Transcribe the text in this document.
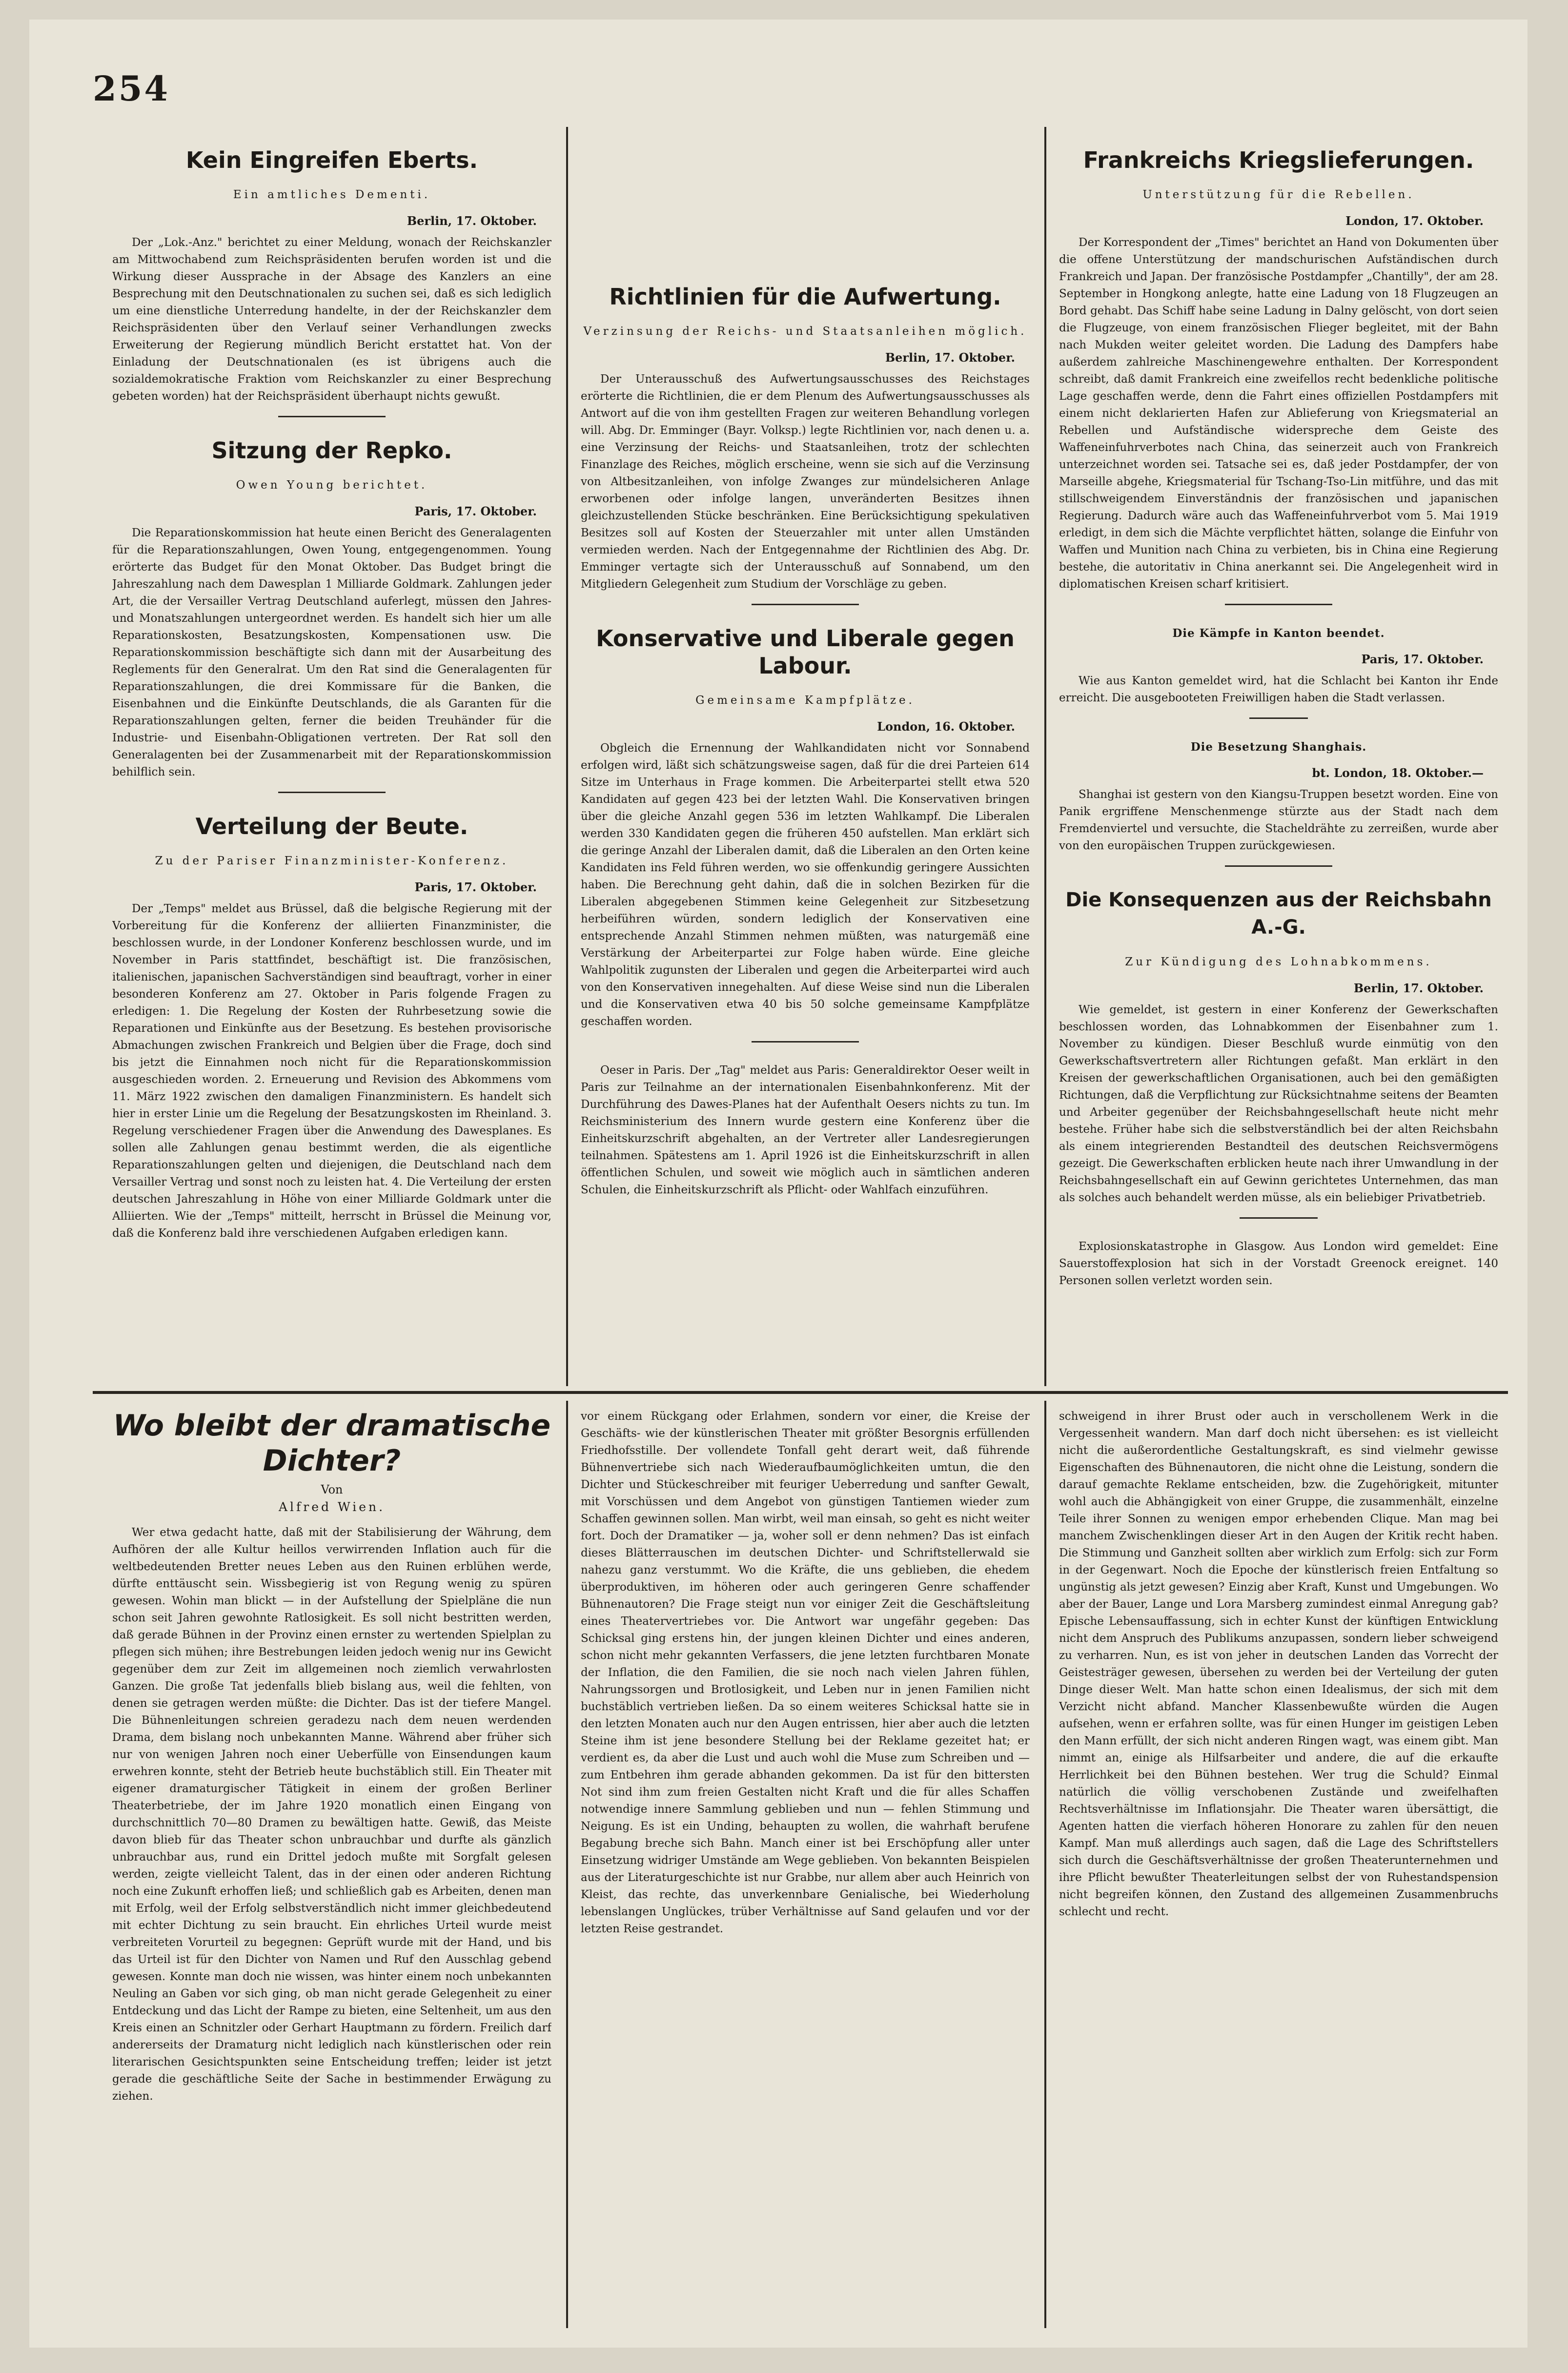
254
Kein Eingreifen Eberts.
Ein amtliches Dementi.
Berlin, 17. Oktober.

Der „Lok.-Anz." berichtet zu einer Meldung, wonach der Reichskanzler am Mittwochabend zum Reichspräsidenten berufen worden ist und die Wirkung dieser Aussprache in der Absage des Kanzlers an eine Besprechung mit den Deutschnationalen zu suchen sei, daß es sich lediglich um eine dienstliche Unterredung handelte, in der der Reichskanzler dem Reichspräsidenten über den Verlauf seiner Verhandlungen zwecks Erweiterung der Regierung mündlich Bericht erstattet hat. Von der Einladung der Deutschnationalen (es ist übrigens auch die sozialdemokratische Fraktion vom Reichskanzler zu einer Besprechung gebeten worden) hat der Reichspräsident überhaupt nichts gewußt.

Sitzung der Repko.
Owen Young berichtet.
Paris, 17. Oktober.

Die Reparationskommission hat heute einen Bericht des Generalagenten für die Reparationszahlungen, Owen Young, entgegengenommen. Young erörterte das Budget für den Monat Oktober. Das Budget bringt die Jahreszahlung nach dem Dawesplan 1 Milliarde Goldmark. Zahlungen jeder Art, die der Versailler Vertrag Deutschland auferlegt, müssen den Jahres- und Monatszahlungen untergeordnet werden. Es handelt sich hier um alle Reparationskosten, Besatzungskosten, Kompensationen usw. Die Reparationskommission beschäftigte sich dann mit der Ausarbeitung des Reglements für den Generalrat. Um den Rat sind die Generalagenten für Reparationszahlungen, die drei Kommissare für die Banken, die Eisenbahnen und die Einkünfte Deutschlands, die als Garanten für die Reparationszahlungen gelten, ferner die beiden Treuhänder für die Industrie- und Eisenbahn-Obligationen vertreten. Der Rat soll den Generalagenten bei der Zusammenarbeit mit der Reparationskommission behilflich sein.

Verteilung der Beute.
Zu der Pariser Finanzminister-Konferenz.
Paris, 17. Oktober.

Der „Temps" meldet aus Brüssel, daß die belgische Regierung mit der Vorbereitung für die Konferenz der alliierten Finanzminister, die beschlossen wurde, in der Londoner Konferenz beschlossen wurde, und im November in Paris stattfindet, beschäftigt ist. Die französischen, italienischen, japanischen Sachverständigen sind beauftragt, vorher in einer besonderen Konferenz am 27. Oktober in Paris folgende Fragen zu erledigen: 1. Die Regelung der Kosten der Ruhrbesetzung sowie die Reparationen und Einkünfte aus der Besetzung. Es bestehen provisorische Abmachungen zwischen Frankreich und Belgien über die Frage, doch sind bis jetzt die Einnahmen noch nicht für die Reparationskommission ausgeschieden worden. 2. Erneuerung und Revision des Abkommens vom 11. März 1922 zwischen den damaligen Finanzministern. Es handelt sich hier in erster Linie um die Regelung der Besatzungskosten im Rheinland. 3. Regelung verschiedener Fragen über die Anwendung des Dawesplanes. Es sollen alle Zahlungen genau bestimmt werden, die als eigentliche Reparationszahlungen gelten und diejenigen, die Deutschland nach dem Versailler Vertrag und sonst noch zu leisten hat. 4. Die Verteilung der ersten deutschen Jahreszahlung in Höhe von einer Milliarde Goldmark unter die Alliierten. Wie der „Temps" mitteilt, herrscht in Brüssel die Meinung vor, daß die Konferenz bald ihre verschiedenen Aufgaben erledigen kann.

Richtlinien für die Aufwertung.
Verzinsung der Reichs- und Staatsanleihen möglich.
Berlin, 17. Oktober.

Der Unterausschuß des Aufwertungsausschusses des Reichstages erörterte die Richtlinien, die er dem Plenum des Aufwertungsausschusses als Antwort auf die von ihm gestellten Fragen zur weiteren Behandlung vorlegen will. Abg. Dr. Emminger (Bayr. Volksp.) legte Richtlinien vor, nach denen u. a. eine Verzinsung der Reichs- und Staatsanleihen, trotz der schlechten Finanzlage des Reiches, möglich erscheine, wenn sie sich auf die Verzinsung von Altbesitzanleihen, von infolge Zwanges zur mündelsicheren Anlage erworbenen oder infolge langen, unveränderten Besitzes ihnen gleichzustellenden Stücke beschränken. Eine Berücksichtigung spekulativen Besitzes soll auf Kosten der Steuerzahler mit unter allen Umständen vermieden werden. Nach der Entgegennahme der Richtlinien des Abg. Dr. Emminger vertagte sich der Unterausschuß auf Sonnabend, um den Mitgliedern Gelegenheit zum Studium der Vorschläge zu geben.

Konservative und Liberale gegen Labour.
Gemeinsame Kampfplätze.
London, 16. Oktober.

Obgleich die Ernennung der Wahlkandidaten nicht vor Sonnabend erfolgen wird, läßt sich schätzungsweise sagen, daß für die drei Parteien 614 Sitze im Unterhaus in Frage kommen. Die Arbeiterpartei stellt etwa 520 Kandidaten auf gegen 423 bei der letzten Wahl. Die Konservativen bringen über die gleiche Anzahl gegen 536 im letzten Wahlkampf. Die Liberalen werden 330 Kandidaten gegen die früheren 450 aufstellen. Man erklärt sich die geringe Anzahl der Liberalen damit, daß die Liberalen an den Orten keine Kandidaten ins Feld führen werden, wo sie offenkundig geringere Aussichten haben. Die Berechnung geht dahin, daß die in solchen Bezirken für die Liberalen abgegebenen Stimmen keine Gelegenheit zur Sitzbesetzung herbeiführen würden, sondern lediglich der Konservativen eine entsprechende Anzahl Stimmen nehmen müßten, was naturgemäß eine Verstärkung der Arbeiterpartei zur Folge haben würde. Eine gleiche Wahlpolitik zugunsten der Liberalen und gegen die Arbeiterpartei wird auch von den Konservativen innegehalten. Auf diese Weise sind nun die Liberalen und die Konservativen etwa 40 bis 50 solche gemeinsame Kampfplätze geschaffen worden.

Oeser in Paris. Der „Tag" meldet aus Paris: Generaldirektor Oeser weilt in Paris zur Teilnahme an der internationalen Eisenbahnkonferenz. Mit der Durchführung des Dawes-Planes hat der Aufenthalt Oesers nichts zu tun. Im Reichsministerium des Innern wurde gestern eine Konferenz über die Einheitskurzschrift abgehalten, an der Vertreter aller Landesregierungen teilnahmen. Spätestens am 1. April 1926 ist die Einheitskurzschrift in allen öffentlichen Schulen, und soweit wie möglich auch in sämtlichen anderen Schulen, die Einheitskurzschrift als Pflicht- oder Wahlfach einzuführen.

Frankreichs Kriegslieferungen.
Unterstützung für die Rebellen.
London, 17. Oktober.

Der Korrespondent der „Times" berichtet an Hand von Dokumenten über die offene Unterstützung der mandschurischen Aufständischen durch Frankreich und Japan. Der französische Postdampfer „Chantilly", der am 28. September in Hongkong anlegte, hatte eine Ladung von 18 Flugzeugen an Bord gehabt. Das Schiff habe seine Ladung in Dalny gelöscht, von dort seien die Flugzeuge, von einem französischen Flieger begleitet, mit der Bahn nach Mukden weiter geleitet worden. Die Ladung des Dampfers habe außerdem zahlreiche Maschinengewehre enthalten. Der Korrespondent schreibt, daß damit Frankreich eine zweifellos recht bedenkliche politische Lage geschaffen werde, denn die Fahrt eines offiziellen Postdampfers mit einem nicht deklarierten Hafen zur Ablieferung von Kriegsmaterial an Rebellen und Aufständische widerspreche dem Geiste des Waffeneinfuhrverbotes nach China, das seinerzeit auch von Frankreich unterzeichnet worden sei. Tatsache sei es, daß jeder Postdampfer, der von Marseille abgehe, Kriegsmaterial für Tschang-Tso-Lin mitführe, und das mit stillschweigendem Einverständnis der französischen und japanischen Regierung. Dadurch wäre auch das Waffeneinfuhrverbot vom 5. Mai 1919 erledigt, in dem sich die Mächte verpflichtet hätten, solange die Einfuhr von Waffen und Munition nach China zu verbieten, bis in China eine Regierung bestehe, die autoritativ in China anerkannt sei. Die Angelegenheit wird in diplomatischen Kreisen scharf kritisiert.

Die Kämpfe in Kanton beendet.
Paris, 17. Oktober.

Wie aus Kanton gemeldet wird, hat die Schlacht bei Kanton ihr Ende erreicht. Die ausgebooteten Freiwilligen haben die Stadt verlassen.

Die Besetzung Shanghais.
bt. London, 18. Oktober.—

Shanghai ist gestern von den Kiangsu-Truppen besetzt worden. Eine von Panik ergriffene Menschenmenge stürzte aus der Stadt nach dem Fremdenviertel und versuchte, die Stacheldrähte zu zerreißen, wurde aber von den europäischen Truppen zurückgewiesen.

Die Konsequenzen aus der Reichsbahn A.-G.
Zur Kündigung des Lohnabkommens.
Berlin, 17. Oktober.

Wie gemeldet, ist gestern in einer Konferenz der Gewerkschaften beschlossen worden, das Lohnabkommen der Eisenbahner zum 1. November zu kündigen. Dieser Beschluß wurde einmütig von den Gewerkschaftsvertretern aller Richtungen gefaßt. Man erklärt in den Kreisen der gewerkschaftlichen Organisationen, auch bei den gemäßigten Richtungen, daß die Verpflichtung zur Rücksichtnahme seitens der Beamten und Arbeiter gegenüber der Reichsbahngesellschaft heute nicht mehr bestehe. Früher habe sich die selbstverständlich bei der alten Reichsbahn als einem integrierenden Bestandteil des deutschen Reichsvermögens gezeigt. Die Gewerkschaften erblicken heute nach ihrer Umwandlung in der Reichsbahngesellschaft ein auf Gewinn gerichtetes Unternehmen, das man als solches auch behandelt werden müsse, als ein beliebiger Privatbetrieb.

Explosionskatastrophe in Glasgow. Aus London wird gemeldet: Eine Sauerstoffexplosion hat sich in der Vorstadt Greenock ereignet. 140 Personen sollen verletzt worden sein.

Wo bleibt der dramatische Dichter?
Von
Alfred Wien.

Wer etwa gedacht hatte, daß mit der Stabilisierung der Währung, dem Aufhören der alle Kultur heillos verwirrenden Inflation auch für die weltbedeutenden Bretter neues Leben aus den Ruinen erblühen werde, dürfte enttäuscht sein. Wissbegierig ist von Regung wenig zu spüren gewesen. Wohin man blickt — in der Aufstellung der Spielpläne die nun schon seit Jahren gewohnte Ratlosigkeit. Es soll nicht bestritten werden, daß gerade Bühnen in der Provinz einen ernster zu wertenden Spielplan zu pflegen sich mühen; ihre Bestrebungen leiden jedoch wenig nur ins Gewicht gegenüber dem zur Zeit im allgemeinen noch ziemlich verwahrlosten Ganzen. Die große Tat jedenfalls blieb bislang aus, weil die fehlten, von denen sie getragen werden müßte: die Dichter. Das ist der tiefere Mangel. Die Bühnenleitungen schreien geradezu nach dem neuen werdenden Drama, dem bislang noch unbekannten Manne. Während aber früher sich nur von wenigen Jahren noch einer Ueberfülle von Einsendungen kaum erwehren konnte, steht der Betrieb heute buchstäblich still. Ein Theater mit eigener dramaturgischer Tätigkeit in einem der großen Berliner Theaterbetriebe, der im Jahre 1920 monatlich einen Eingang von durchschnittlich 70—80 Dramen zu bewältigen hatte. Gewiß, das Meiste davon blieb für das Theater schon unbrauchbar und durfte als gänzlich unbrauchbar aus, rund ein Drittel jedoch mußte mit Sorgfalt gelesen werden, zeigte vielleicht Talent, das in der einen oder anderen Richtung noch eine Zukunft erhoffen ließ; und schließlich gab es Arbeiten, denen man mit Erfolg, weil der Erfolg selbstverständlich nicht immer gleichbedeutend mit echter Dichtung zu sein braucht. Ein ehrliches Urteil wurde meist verbreiteten Vorurteil zu begegnen: Geprüft wurde mit der Hand, und bis das Urteil ist für den Dichter von Namen und Ruf den Ausschlag gebend gewesen. Konnte man doch nie wissen, was hinter einem noch unbekannten Neuling an Gaben vor sich ging, ob man nicht gerade Gelegenheit zu einer Entdeckung und das Licht der Rampe zu bieten, eine Seltenheit, um aus den Kreis einen an Schnitzler oder Gerhart Hauptmann zu fördern. Freilich darf andererseits der Dramaturg nicht lediglich nach künstlerischen oder rein literarischen Gesichtspunkten seine Entscheidung treffen; leider ist jetzt gerade die geschäftliche Seite der Sache in bestimmender Erwägung zu ziehen.

vor einem Rückgang oder Erlahmen, sondern vor einer, die Kreise der Geschäfts- wie der künstlerischen Theater mit größter Besorgnis erfüllenden Friedhofsstille. Der vollendete Tonfall geht derart weit, daß führende Bühnenvertriebe sich nach Wiederaufbaumöglichkeiten umtun, die den Dichter und Stückeschreiber mit feuriger Ueberredung und sanfter Gewalt, mit Vorschüssen und dem Angebot von günstigen Tantiemen wieder zum Schaffen gewinnen sollen. Man wirbt, weil man einsah, so geht es nicht weiter fort. Doch der Dramatiker — ja, woher soll er denn nehmen? Das ist einfach dieses Blätterrauschen im deutschen Dichter- und Schriftstellerwald sie nahezu ganz verstummt. Wo die Kräfte, die uns geblieben, die ehedem überproduktiven, im höheren oder auch geringeren Genre schaffender Bühnenautoren? Die Frage steigt nun vor einiger Zeit die Geschäftsleitung eines Theatervertriebes vor. Die Antwort war ungefähr gegeben: Das Schicksal ging erstens hin, der jungen kleinen Dichter und eines anderen, schon nicht mehr gekannten Verfassers, die jene letzten furchtbaren Monate der Inflation, die den Familien, die sie noch nach vielen Jahren fühlen, Nahrungssorgen und Brotlosigkeit, und Leben nur in jenen Familien nicht buchstäblich vertrieben ließen. Da so einem weiteres Schicksal hatte sie in den letzten Monaten auch nur den Augen entrissen, hier aber auch die letzten Steine ihm ist jene besondere Stellung bei der Reklame gezeitet hat; er verdient es, da aber die Lust und auch wohl die Muse zum Schreiben und — zum Entbehren ihm gerade abhanden gekommen. Da ist für den bittersten Not sind ihm zum freien Gestalten nicht Kraft und die für alles Schaffen notwendige innere Sammlung geblieben und nun — fehlen Stimmung und Neigung. Es ist ein Unding, behaupten zu wollen, die wahrhaft berufene Begabung breche sich Bahn. Manch einer ist bei Erschöpfung aller unter Einsetzung widriger Umstände am Wege geblieben. Von bekannten Beispielen aus der Literaturgeschichte ist nur Grabbe, nur allem aber auch Heinrich von Kleist, das rechte, das unverkennbare Genialische, bei Wiederholung lebenslangen Unglückes, trüber Verhältnisse auf Sand gelaufen und vor der letzten Reise gestrandet.

schweigend in ihrer Brust oder auch in verschollenem Werk in die Vergessenheit wandern. Man darf doch nicht übersehen: es ist vielleicht nicht die außerordentliche Gestaltungskraft, es sind vielmehr gewisse Eigenschaften des Bühnenautoren, die nicht ohne die Leistung, sondern die darauf gemachte Reklame entscheiden, bzw. die Zugehörigkeit, mitunter wohl auch die Abhängigkeit von einer Gruppe, die zusammenhält, einzelne Teile ihrer Sonnen zu wenigen empor erhebenden Clique. Man mag bei manchem Zwischenklingen dieser Art in den Augen der Kritik recht haben. Die Stimmung und Ganzheit sollten aber wirklich zum Erfolg: sich zur Form in der Gegenwart. Noch die Epoche der künstlerisch freien Entfaltung so ungünstig als jetzt gewesen? Einzig aber Kraft, Kunst und Umgebungen. Wo aber der Bauer, Lange und Lora Marsberg zumindest einmal Anregung gab? Epische Lebensauffassung, sich in echter Kunst der künftigen Entwicklung nicht dem Anspruch des Publikums anzupassen, sondern lieber schweigend zu verharren. Nun, es ist von jeher in deutschen Landen das Vorrecht der Geistesträger gewesen, übersehen zu werden bei der Verteilung der guten Dinge dieser Welt. Man hatte schon einen Idealismus, der sich mit dem Verzicht nicht abfand. Mancher Klassenbewußte würden die Augen aufsehen, wenn er erfahren sollte, was für einen Hunger im geistigen Leben den Mann erfüllt, der sich nicht anderen Ringen wagt, was einem gibt. Man nimmt an, einige als Hilfsarbeiter und andere, die auf die erkaufte Herrlichkeit bei den Bühnen bestehen. Wer trug die Schuld? Einmal natürlich die völlig verschobenen Zustände und zweifelhaften Rechtsverhältnisse im Inflationsjahr. Die Theater waren übersättigt, die Agenten hatten die vierfach höheren Honorare zu zahlen für den neuen Kampf. Man muß allerdings auch sagen, daß die Lage des Schriftstellers sich durch die Geschäftsverhältnisse der großen Theaterunternehmen und ihre Pflicht bewußter Theaterleitungen selbst der von Ruhestandspension nicht begreifen können, den Zustand des allgemeinen Zusammenbruchs schlecht und recht.
